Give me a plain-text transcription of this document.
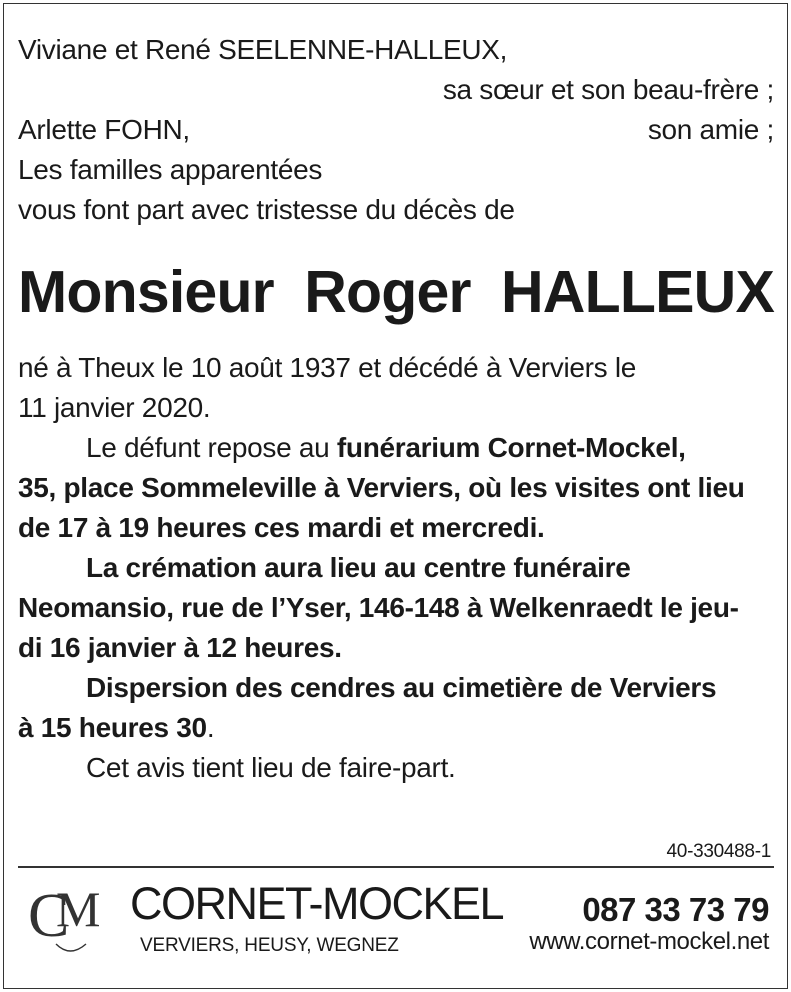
Viviane et René SEELENNE-HALLEUX,
sa sœur et son beau-frère ;
Arlette FOHN,	son amie ;
Les familles apparentées
vous font part avec tristesse du décès de
Monsieur Roger HALLEUX
né à Theux le 10 août 1937 et décédé à Verviers le
11 janvier 2020.
Le défunt repose au funérarium Cornet-Mockel,
35, place Sommeleville à Verviers, où les visites ont lieu
de 17 à 19 heures ces mardi et mercredi.
La crémation aura lieu au centre funéraire
Neomansio, rue de l’Yser, 146-148 à Welkenraedt le jeu-
di 16 janvier à 12 heures.
Dispersion des cendres au cimetière de Verviers
à 15 heures 30.
Cet avis tient lieu de faire-part.
40-330488-1
C
M CORNET-MOCKEL 087 33 73 79
VERVIERS, HEUSY, WEGNEZ	www.cornet-mockel.net
